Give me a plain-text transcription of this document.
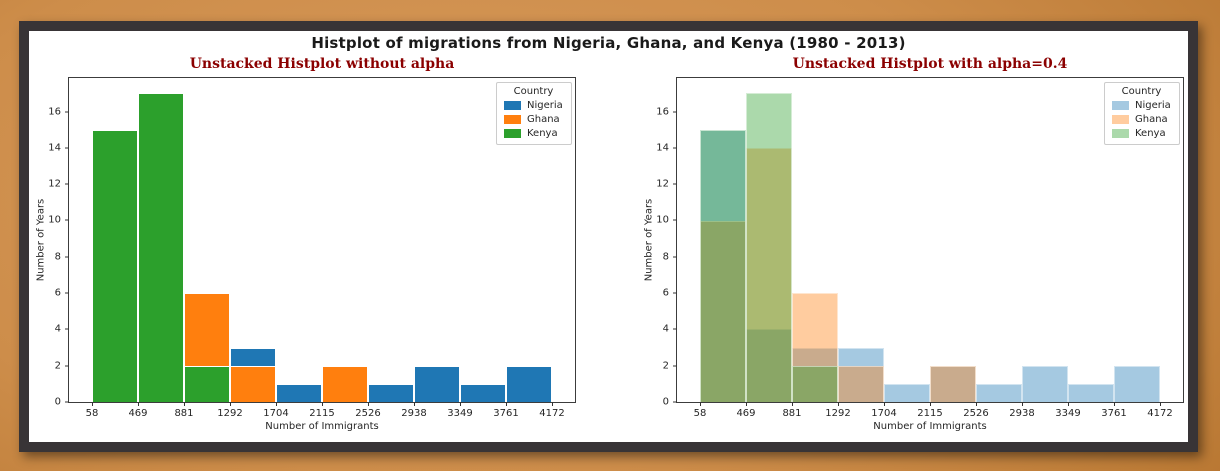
Histplot of migrations from Nigeria, Ghana, and Kenya (1980 - 2013)
Unstacked Histplot without alpha
Number of Years
0
2
4
6
8
10
12
14
16
58	469	881 1292 1704 2115 2526 2938 3349 3761 4172
Number of Immigrants
Country
Nigeria
Ghana
Kenya
Unstacked Histplot with alpha=0.4
Number of Years
0
2
4
6
8
10
12
14
16
58	469	881 1292 1704 2115 2526 2938 3349 3761 4172
Number of Immigrants
Country
Nigeria
Ghana
Kenya
